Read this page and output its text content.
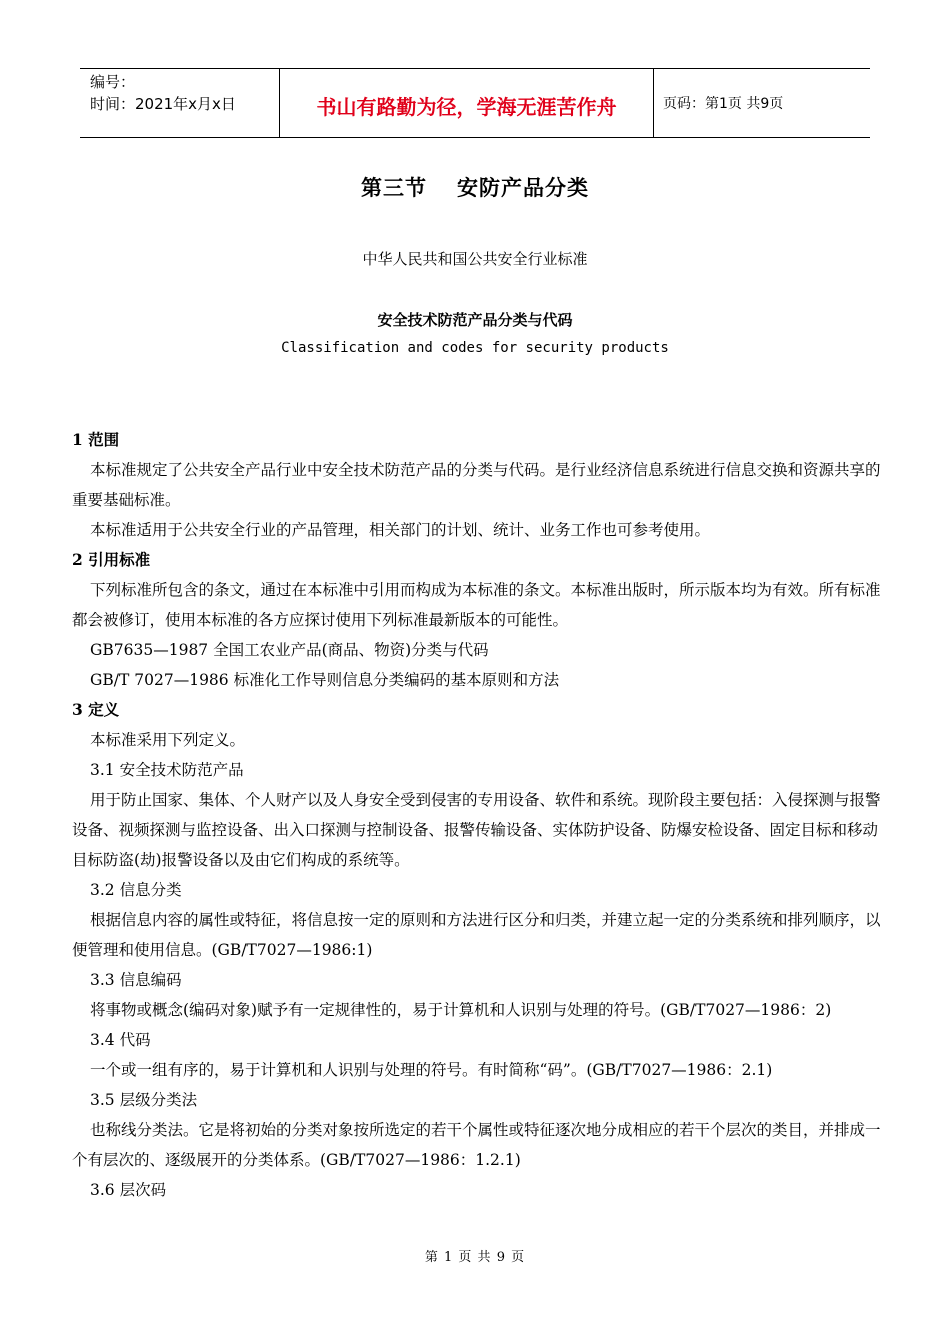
编号：
时间：2021年x月x日	书山有路勤为径，学海无涯苦作舟	页码：第1页 共9页
第三节 安防产品分类
中华人民共和国公共安全行业标准
安全技术防范产品分类与代码
Classification and codes for security products
1 范围

本标准规定了公共安全产品行业中安全技术防范产品的分类与代码。是行业经济信息系统进行信息交换和资源共享的重要基础标准。

本标准适用于公共安全行业的产品管理，相关部门的计划、统计、业务工作也可参考使用。

2 引用标准

下列标准所包含的条文，通过在本标准中引用而构成为本标准的条文。本标准出版时，所示版本均为有效。所有标准都会被修订，使用本标准的各方应探讨使用下列标准最新版本的可能性。

GB7635—1987 全国工农业产品(商品、物资)分类与代码

GB/T 7027—1986 标准化工作导则信息分类编码的基本原则和方法

3 定义

本标准采用下列定义。

3.1 安全技术防范产品

用于防止国家、集体、个人财产以及人身安全受到侵害的专用设备、软件和系统。现阶段主要包括：入侵探测与报警设备、视频探测与监控设备、出入口探测与控制设备、报警传输设备、实体防护设备、防爆安检设备、固定目标和移动目标防盗(劫)报警设备以及由它们构成的系统等。

3.2 信息分类

根据信息内容的属性或特征，将信息按一定的原则和方法进行区分和归类，并建立起一定的分类系统和排列顺序，以便管理和使用信息。(GB/T7027—1986:1)

3.3 信息编码

将事物或概念(编码对象)赋予有一定规律性的，易于计算机和人识别与处理的符号。(GB/T7027—1986：2)

3.4 代码

一个或一组有序的，易于计算机和人识别与处理的符号。有时简称“码”。(GB/T7027—1986：2.1)

3.5 层级分类法

也称线分类法。它是将初始的分类对象按所选定的若干个属性或特征逐次地分成相应的若干个层次的类目，并排成一个有层次的、逐级展开的分类体系。(GB/T7027—1986：1.2.1)

3.6 层次码

第 1 页 共 9 页
